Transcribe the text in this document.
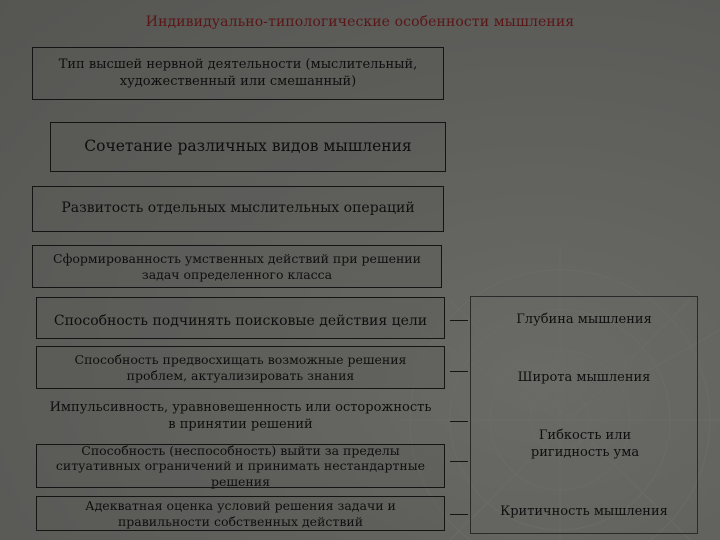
Индивидуально-типологические особенности мышления
Тип высшей нервной деятельности (мыслительный, художественный или смешанный)
Сочетание различных видов мышления
Развитость отдельных мыслительных операций
Сформированность умственных действий при решении задач определенного класса
Способность подчинять поисковые действия цели
Способность предвосхищать возможные решения проблем, актуализировать знания
Импульсивность, уравновешенность или осторожность в принятии решений
Способность (неспособность) выйти за пределы ситуативных ограничений и принимать нестандартные решения
Адекватная оценка условий решения задачи и правильности собственных действий
Глубина мышления
Широта мышления
Гибкость или ригидность ума
Критичность мышления
